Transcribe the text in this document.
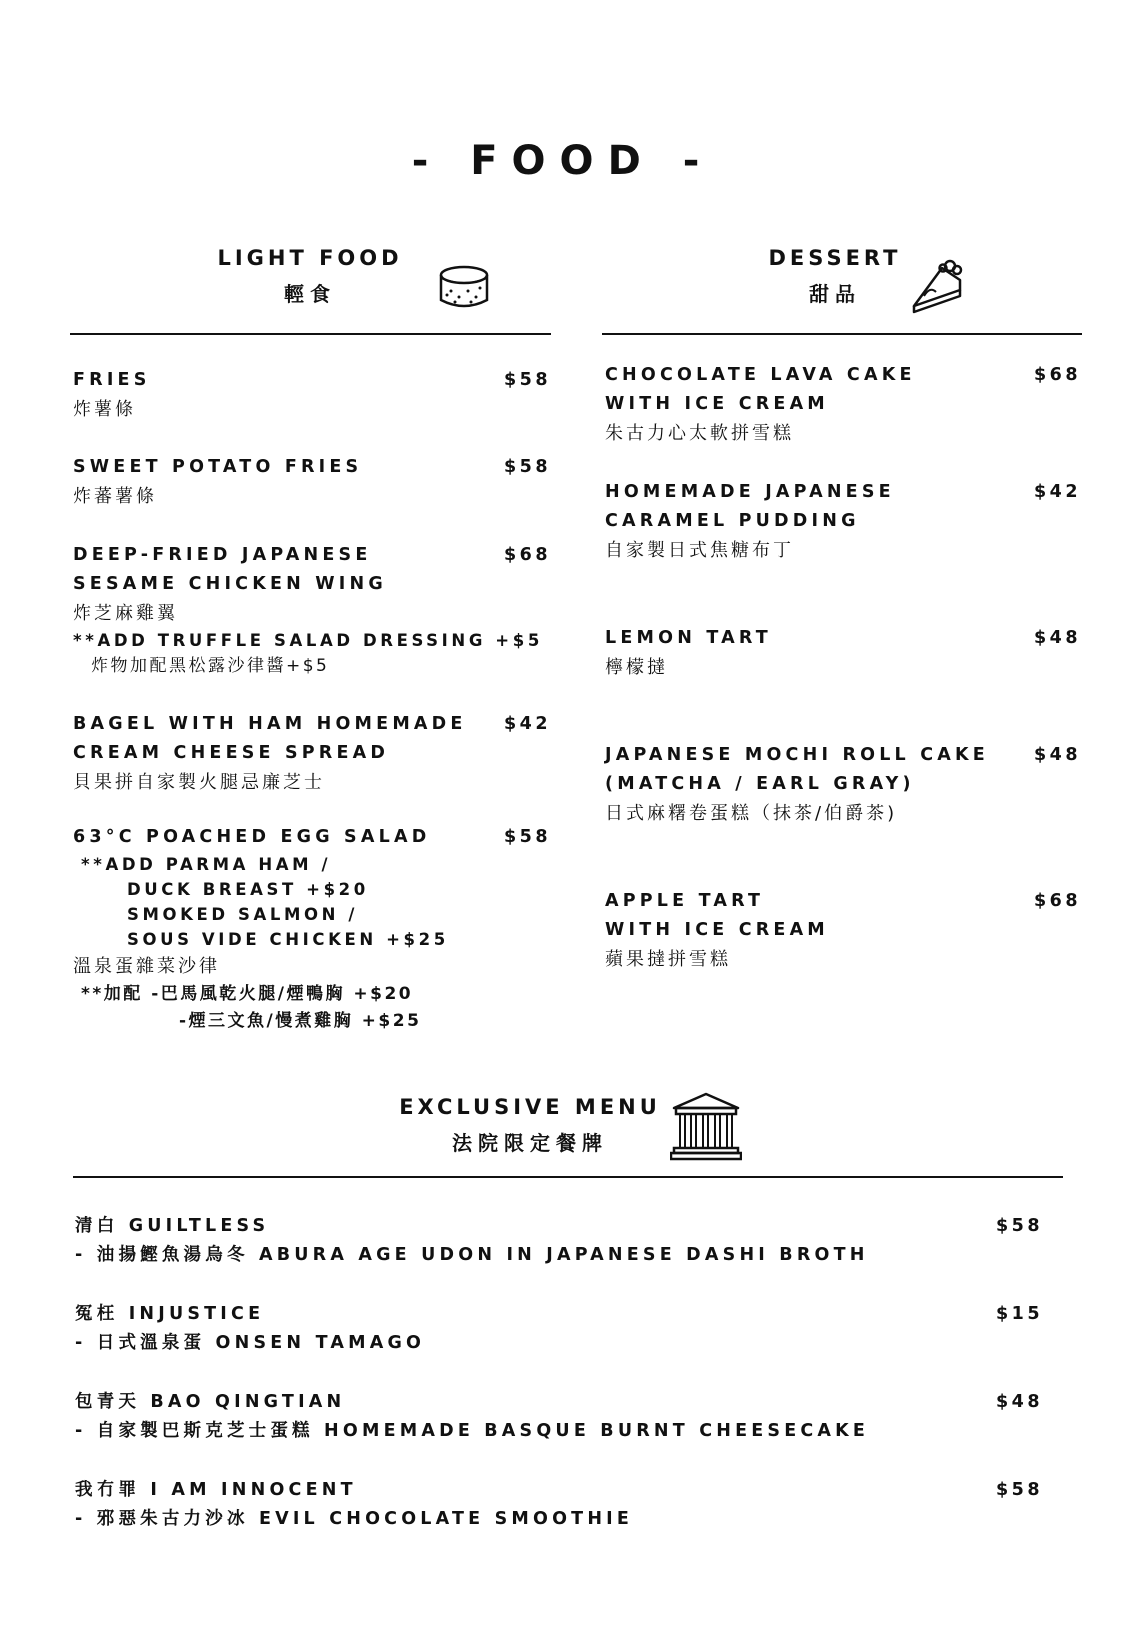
- FOOD -
LIGHT FOOD
輕食
DESSERT
甜品
FRIES
炸薯條
$58
SWEET POTATO FRIES
炸蕃薯條
$58
DEEP-FRIED JAPANESE
SESAME CHICKEN WING
炸芝麻雞翼
**ADD TRUFFLE SALAD DRESSING +$5
炸物加配黑松露沙律醬+$5
$68
BAGEL WITH HAM HOMEMADE
CREAM CHEESE SPREAD
貝果拼自家製火腿忌廉芝士
$42
63°C POACHED EGG SALAD
**ADD PARMA HAM /
DUCK BREAST +$20
SMOKED SALMON /
SOUS VIDE CHICKEN +$25
溫泉蛋雜菜沙律
**加配 -巴馬風乾火腿/煙鴨胸 +$20
-煙三文魚/慢煮雞胸 +$25
$58
CHOCOLATE LAVA CAKE
WITH ICE CREAM
朱古力心太軟拼雪糕
$68
HOMEMADE JAPANESE
CARAMEL PUDDING
自家製日式焦糖布丁
$42
LEMON TART
檸檬撻
$48
JAPANESE MOCHI ROLL CAKE
(MATCHA / EARL GRAY)
日式麻糬卷蛋糕（抹茶/伯爵茶)
$48
APPLE TART
WITH ICE CREAM
蘋果撻拼雪糕
$68
EXCLUSIVE MENU
法院限定餐牌
清白 GUILTLESS
- 油揚鰹魚湯烏冬 ABURA AGE UDON IN JAPANESE DASHI BROTH
$58
冤枉 INJUSTICE
- 日式溫泉蛋 ONSEN TAMAGO
$15
包青天 BAO QINGTIAN
- 自家製巴斯克芝士蛋糕 HOMEMADE BASQUE BURNT CHEESECAKE
$48
我冇罪 I AM INNOCENT
- 邪惡朱古力沙冰 EVIL CHOCOLATE SMOOTHIE
$58
